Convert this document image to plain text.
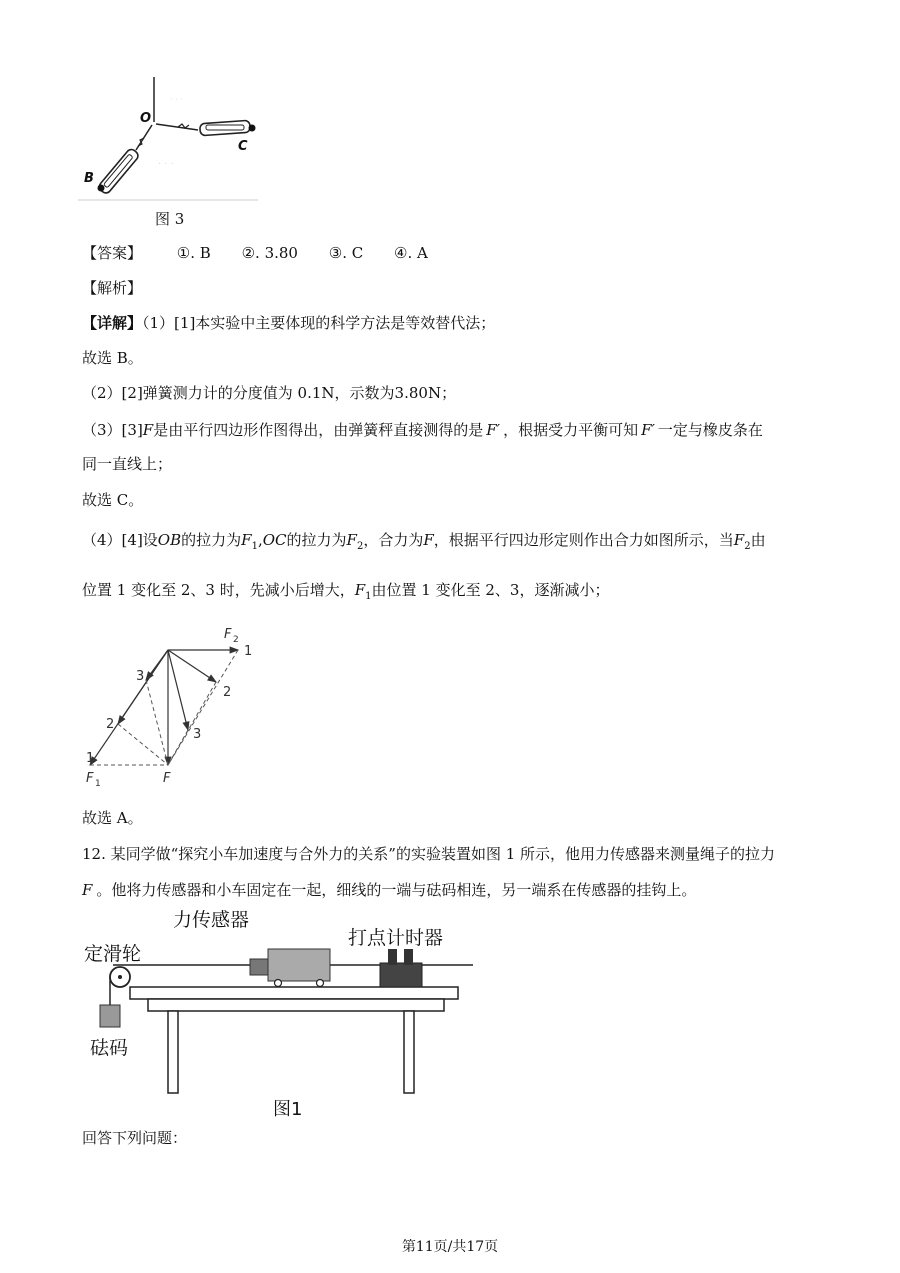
· · ·
· · ·
O
B
C
图 3
【答案】 ①. B ②. 3.80 ③. C ④. A
【解析】
【详解】（1）[1]本实验中主要体现的科学方法是等效替代法；
故选 B。
（2）[2]弹簧测力计的分度值为 0.1N，示数为3.80N；
（3）[3]F是由平行四边形作图得出，由弹簧秤直接测得的是 F′ ，根据受力平衡可知 F′ 一定与橡皮条在
同一直线上；
故选 C。
（4）[4]设OB的拉力为$F_1,OC$的拉力为$F_2$，合力为F，根据平行四边形定则作出合力如图所示，当$F_2$由
位置 1 变化至 2、3 时，先减小后增大，$F_1$由位置 1 变化至 2、3，逐渐减小；
F 2
1
2
3
3
2
1
F 1	F
故选 A。
12. 某同学做“探究小车加速度与合外力的关系”的实验装置如图 1 所示，他用力传感器来测量绳子的拉力
F 。他将力传感器和小车固定在一起，细线的一端与砝码相连，另一端系在传感器的挂钩上。
力传感器
打点计时器
定滑轮
砝码
图1
回答下列问题：
第11页/共17页
